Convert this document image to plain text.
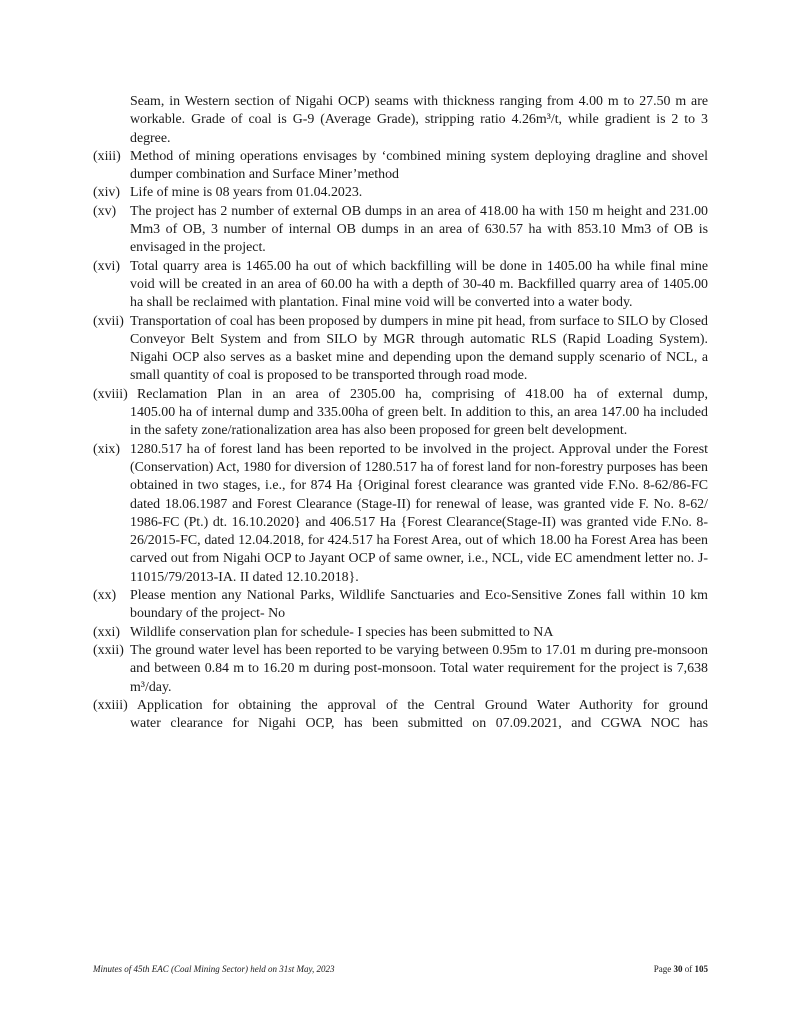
Seam, in Western section of Nigahi OCP) seams with thickness ranging from 4.00 m to 27.50 m are workable. Grade of coal is G-9 (Average Grade), stripping ratio 4.26m³/t, while gradient is 2 to 3 degree.

(xiii) Method of mining operations envisages by ‘combined mining system deploying dragline and shovel dumper combination and Surface Miner’method

(xiv) Life of mine is 08 years from 01.04.2023.

(xv) The project has 2 number of external OB dumps in an area of 418.00 ha with 150 m height and 231.00 Mm3 of OB, 3 number of internal OB dumps in an area of 630.57 ha with 853.10 Mm3 of OB is envisaged in the project.

(xvi) Total quarry area is 1465.00 ha out of which backfilling will be done in 1405.00 ha while final mine void will be created in an area of 60.00 ha with a depth of 30-40 m. Backfilled quarry area of 1405.00 ha shall be reclaimed with plantation. Final mine void will be converted into a water body.

(xvii) Transportation of coal has been proposed by dumpers in mine pit head, from surface to SILO by Closed Conveyor Belt System and from SILO by MGR through automatic RLS (Rapid Loading System). Nigahi OCP also serves as a basket mine and depending upon the demand supply scenario of NCL, a small quantity of coal is proposed to be transported through road mode.

(xviii) Reclamation Plan in an area of 2305.00 ha, comprising of 418.00 ha of external dump,
1405.00 ha of internal dump and 335.00ha of green belt. In addition to this, an area 147.00 ha included in the safety zone/rationalization area has also been proposed for green belt development.

(xix) 1280.517 ha of forest land has been reported to be involved in the project. Approval under the Forest (Conservation) Act, 1980 for diversion of 1280.517 ha of forest land for non-forestry purposes has been obtained in two stages, i.e., for 874 Ha {Original forest clearance was granted vide F.No. 8-62/86-FC dated 18.06.1987 and Forest Clearance (Stage-II) for renewal of lease, was granted vide F. No. 8-62/ 1986-FC (Pt.) dt. 16.10.2020} and 406.517 Ha {Forest Clearance(Stage-II) was granted vide F.No. 8-26/2015-FC, dated 12.04.2018, for 424.517 ha Forest Area, out of which 18.00 ha Forest Area has been carved out from Nigahi OCP to Jayant OCP of same owner, i.e., NCL, vide EC amendment letter no. J-11015/79/2013-IA. II dated 12.10.2018}.

(xx) Please mention any National Parks, Wildlife Sanctuaries and Eco-Sensitive Zones fall within 10 km boundary of the project- No

(xxi) Wildlife conservation plan for schedule- I species has been submitted to NA

(xxii) The ground water level has been reported to be varying between 0.95m to 17.01 m during pre-monsoon and between 0.84 m to 16.20 m during post-monsoon. Total water requirement for the project is 7,638 m³/day.

(xxiii) Application for obtaining the approval of the Central Ground Water Authority for ground
water clearance for Nigahi OCP, has been submitted on 07.09.2021, and CGWA NOC has

Minutes of 45th EAC (Coal Mining Sector) held on 31st May, 2023	Page 30 of 105
